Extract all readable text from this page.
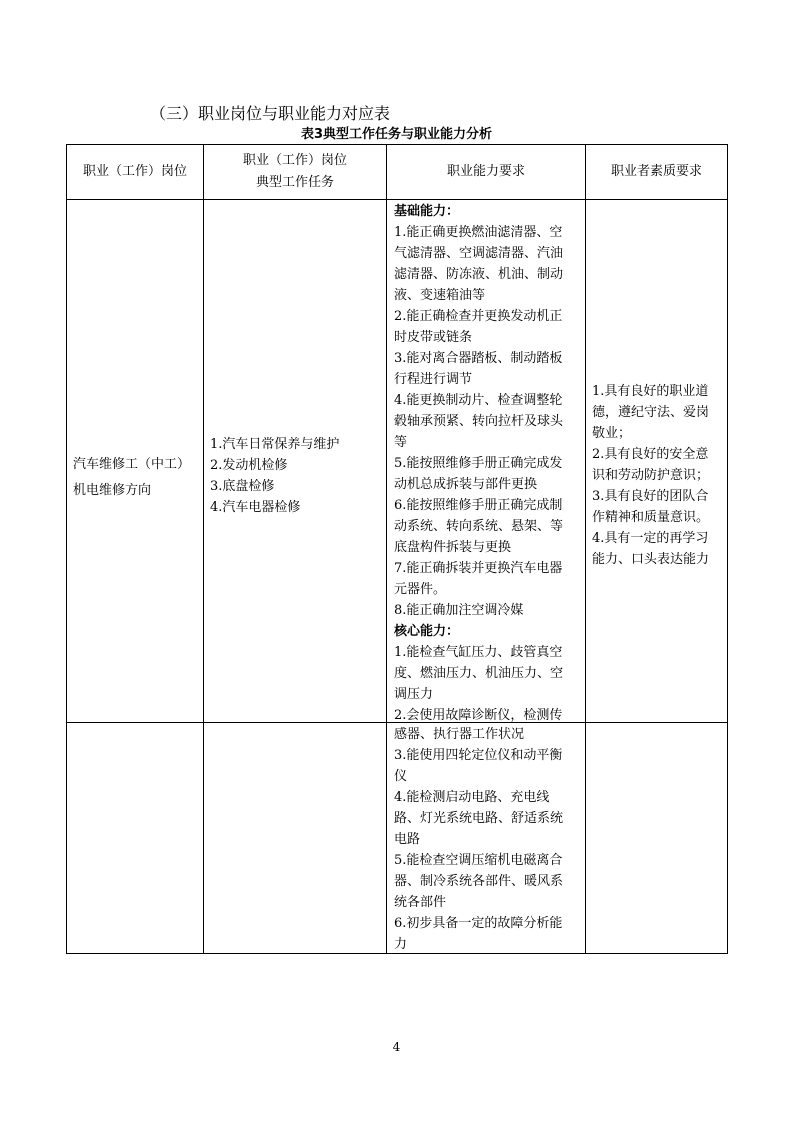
（三）职业岗位与职业能力对应表
表3典型工作任务与职业能力分析
职业（工作）岗位
职业（工作）岗位
典型工作任务
职业能力要求	职业者素质要求
汽车维修工（中工）
机电维修方向
1.汽车日常保养与维护
2.发动机检修
3.底盘检修
4.汽车电器检修
基础能力：
1.能正确更换燃油滤清器、空
气滤清器、空调滤清器、汽油
滤清器、防冻液、机油、制动
液、变速箱油等
2.能正确检查并更换发动机正
时皮带或链条
3.能对离合器踏板、制动踏板
行程进行调节
4.能更换制动片、检查调整轮
毂轴承预紧、转向拉杆及球头
等
5.能按照维修手册正确完成发
动机总成拆装与部件更换
6.能按照维修手册正确完成制
动系统、转向系统、悬架、等
底盘构件拆装与更换
7.能正确拆装并更换汽车电器
元器件。
8.能正确加注空调冷媒
核心能力：
1.能检查气缸压力、歧管真空
度、燃油压力、机油压力、空
调压力
2.会使用故障诊断仪，检测传
1.具有良好的职业道
德，遵纪守法、爱岗
敬业；
2.具有良好的安全意
识和劳动防护意识；
3.具有良好的团队合
作精神和质量意识。
4.具有一定的再学习
能力、口头表达能力
感器、执行器工作状况
3.能使用四轮定位仪和动平衡
仪
4.能检测启动电路、充电线
路、灯光系统电路、舒适系统
电路
5.能检查空调压缩机电磁离合
器、制冷系统各部件、暖风系
统各部件
6.初步具备一定的故障分析能
力
4
